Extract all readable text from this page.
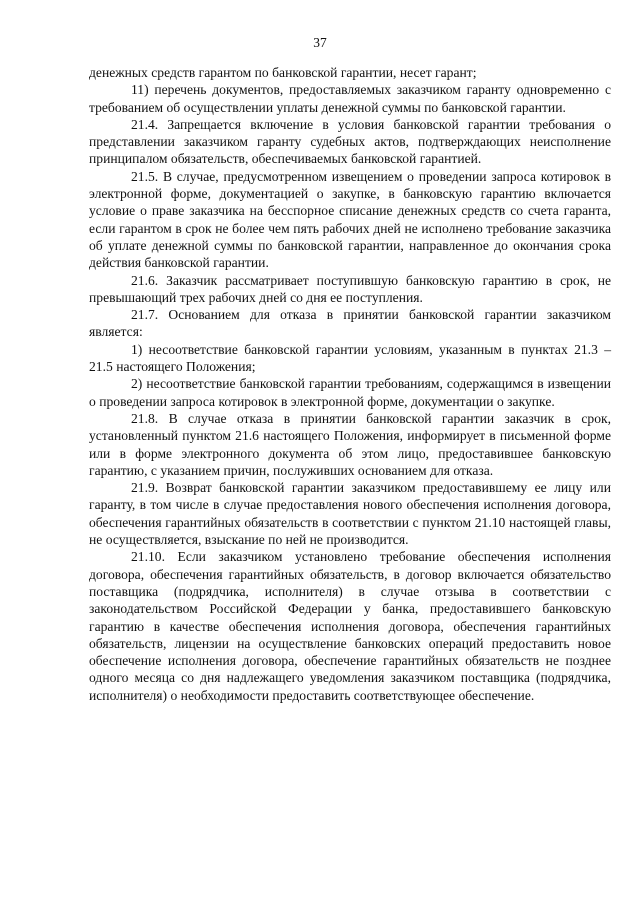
37

денежных средств гарантом по банковской гарантии, несет гарант;

11) перечень документов, предоставляемых заказчиком гаранту одновременно с требованием об осуществлении уплаты денежной суммы по банковской гарантии.

21.4. Запрещается включение в условия банковской гарантии требования о представлении заказчиком гаранту судебных актов, подтверждающих неисполнение принципалом обязательств, обеспечиваемых банковской гарантией.

21.5. В случае, предусмотренном извещением о проведении запроса котировок в электронной форме, документацией о закупке, в банковскую гарантию включается условие о праве заказчика на бесспорное списание денежных средств со счета гаранта, если гарантом в срок не более чем пять рабочих дней не исполнено требование заказчика об уплате денежной суммы по банковской гарантии, направленное до окончания срока действия банковской гарантии.

21.6. Заказчик рассматривает поступившую банковскую гарантию в срок, не превышающий трех рабочих дней со дня ее поступления.

21.7. Основанием для отказа в принятии банковской гарантии заказчиком является:

1) несоответствие банковской гарантии условиям, указанным в пунктах 21.3 – 21.5 настоящего Положения;

2) несоответствие банковской гарантии требованиям, содержащимся в извещении о проведении запроса котировок в электронной форме, документации о закупке.

21.8. В случае отказа в принятии банковской гарантии заказчик в срок, установленный пунктом 21.6 настоящего Положения, информирует в письменной форме или в форме электронного документа об этом лицо, предоставившее банковскую гарантию, с указанием причин, послуживших основанием для отказа.

21.9. Возврат банковской гарантии заказчиком предоставившему ее лицу или гаранту, в том числе в случае предоставления нового обеспечения исполнения договора, обеспечения гарантийных обязательств в соответствии с пунктом 21.10 настоящей главы, не осуществляется, взыскание по ней не производится.

21.10. Если заказчиком установлено требование обеспечения исполнения договора, обеспечения гарантийных обязательств, в договор включается обязательство поставщика (подрядчика, исполнителя) в случае отзыва в соответствии с законодательством Российской Федерации у банка, предоставившего банковскую гарантию в качестве обеспечения исполнения договора, обеспечения гарантийных обязательств, лицензии на осуществление банковских операций предоставить новое обеспечение исполнения договора, обеспечение гарантийных обязательств не позднее одного месяца со дня надлежащего уведомления заказчиком поставщика (подрядчика, исполнителя) о необходимости предоставить соответствующее обеспечение.
